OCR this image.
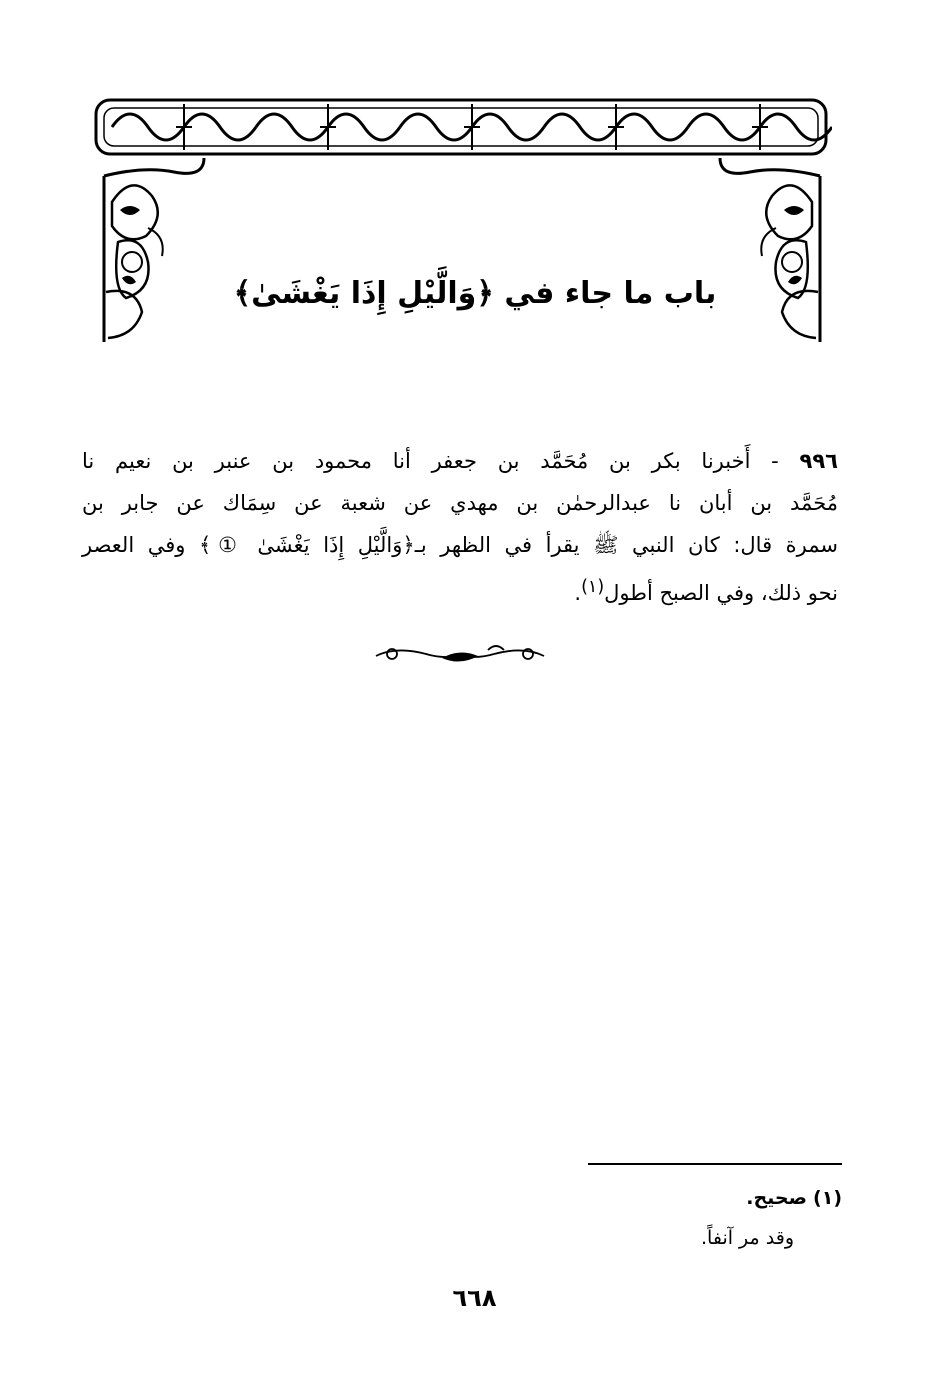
باب ما جاء في ﴿وَالَّيْلِ إِذَا يَغْشَىٰ﴾
٩٩٦ - أَخبرنا بكر بن مُحَمَّد بن جعفر أنا محمود بن عنبر بن نعيم نا
مُحَمَّد بن أبان نا عبدالرحمٰن بن مهدي عن شعبة عن سِمَاك عن جابر بن
سمرة قال: كان النبي ﷺ يقرأ في الظهر بـ﴿وَالَّيْلِ إِذَا يَغْشَىٰ ①﴾ وفي العصر
نحو ذلك، وفي الصبح أطول$^{(١)}$.
(١) صحيح.
وقد مر آنفاً.
٦٦٨
